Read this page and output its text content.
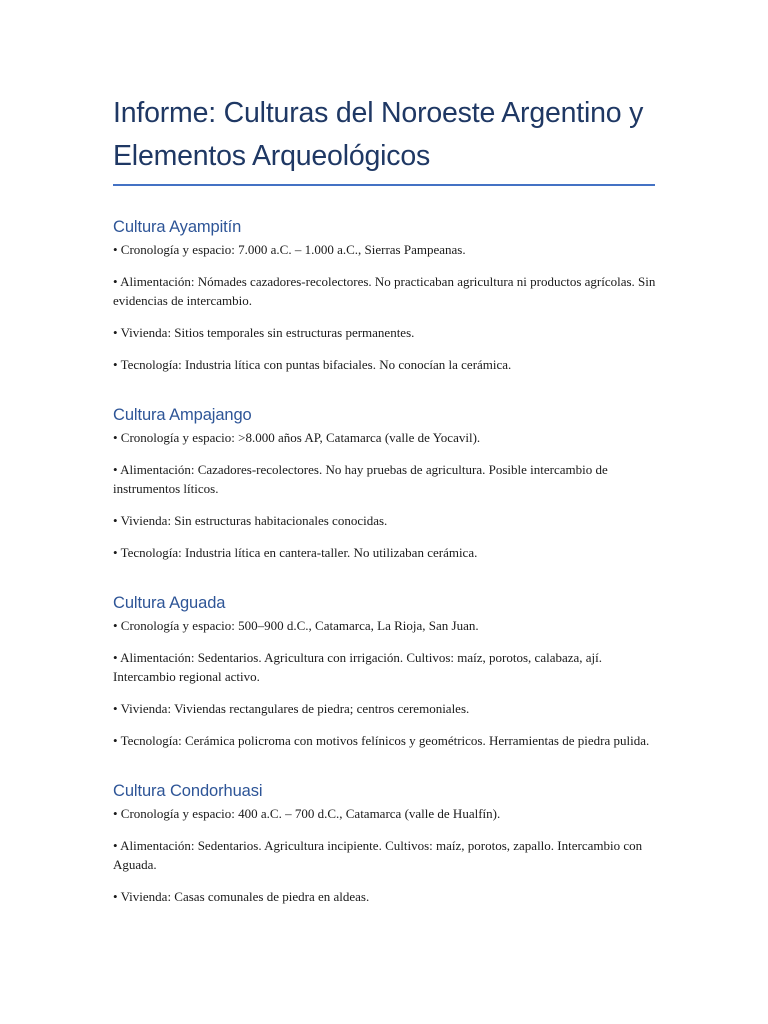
Informe: Culturas del Noroeste Argentino y Elementos Arqueológicos
Cultura Ayampitín

• Cronología y espacio: 7.000 a.C. – 1.000 a.C., Sierras Pampeanas.

• Alimentación: Nómades cazadores-recolectores. No practicaban agricultura ni productos agrícolas. Sin evidencias de intercambio.

• Vivienda: Sitios temporales sin estructuras permanentes.

• Tecnología: Industria lítica con puntas bifaciales. No conocían la cerámica.

Cultura Ampajango

• Cronología y espacio: >8.000 años AP, Catamarca (valle de Yocavil).

• Alimentación: Cazadores-recolectores. No hay pruebas de agricultura. Posible intercambio de instrumentos líticos.

• Vivienda: Sin estructuras habitacionales conocidas.

• Tecnología: Industria lítica en cantera-taller. No utilizaban cerámica.

Cultura Aguada

• Cronología y espacio: 500–900 d.C., Catamarca, La Rioja, San Juan.

• Alimentación: Sedentarios. Agricultura con irrigación. Cultivos: maíz, porotos, calabaza, ají. Intercambio regional activo.

• Vivienda: Viviendas rectangulares de piedra; centros ceremoniales.

• Tecnología: Cerámica policroma con motivos felínicos y geométricos. Herramientas de piedra pulida.

Cultura Condorhuasi

• Cronología y espacio: 400 a.C. – 700 d.C., Catamarca (valle de Hualfín).

• Alimentación: Sedentarios. Agricultura incipiente. Cultivos: maíz, porotos, zapallo. Intercambio con Aguada.

• Vivienda: Casas comunales de piedra en aldeas.
